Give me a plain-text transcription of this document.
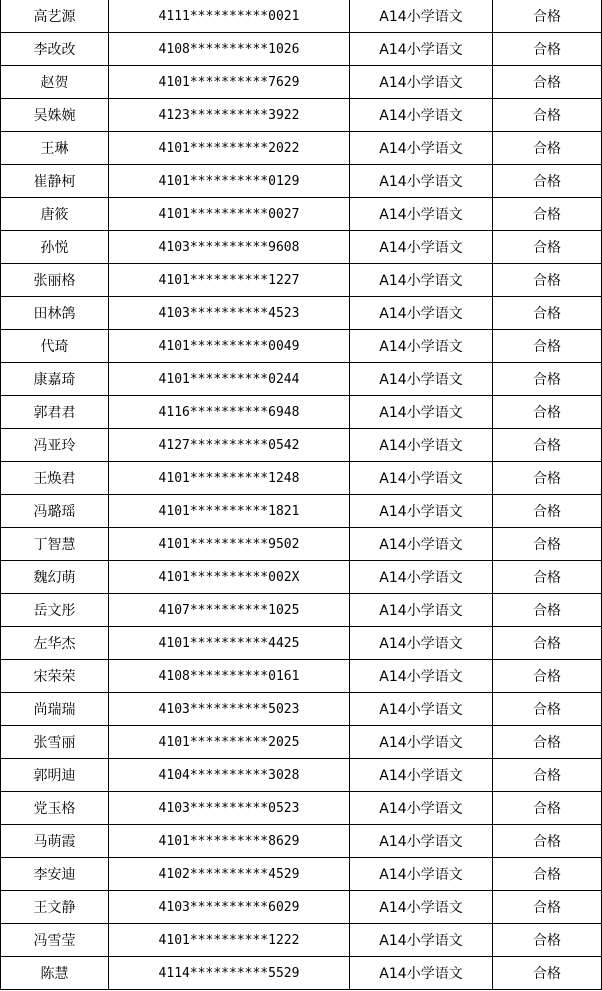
高艺源	4111**********0021	A14小学语文	合格
李改改	4108**********1026	A14小学语文	合格
赵贺	4101**********7629	A14小学语文	合格
吴姝婉	4123**********3922	A14小学语文	合格
王琳	4101**********2022	A14小学语文	合格
崔静柯	4101**********0129	A14小学语文	合格
唐筱	4101**********0027	A14小学语文	合格
孙悦	4103**********9608	A14小学语文	合格
张丽格	4101**********1227	A14小学语文	合格
田林鸽	4103**********4523	A14小学语文	合格
代琦	4101**********0049	A14小学语文	合格
康嘉琦	4101**********0244	A14小学语文	合格
郭君君	4116**********6948	A14小学语文	合格
冯亚玲	4127**********0542	A14小学语文	合格
王焕君	4101**********1248	A14小学语文	合格
冯璐瑶	4101**********1821	A14小学语文	合格
丁智慧	4101**********9502	A14小学语文	合格
魏幻萌	4101**********002X	A14小学语文	合格
岳文彤	4107**********1025	A14小学语文	合格
左华杰	4101**********4425	A14小学语文	合格
宋荣荣	4108**********0161	A14小学语文	合格
尚瑞瑞	4103**********5023	A14小学语文	合格
张雪丽	4101**********2025	A14小学语文	合格
郭明迪	4104**********3028	A14小学语文	合格
党玉格	4103**********0523	A14小学语文	合格
马萌霞	4101**********8629	A14小学语文	合格
李安迪	4102**********4529	A14小学语文	合格
王文静	4103**********6029	A14小学语文	合格
冯雪莹	4101**********1222	A14小学语文	合格
陈慧	4114**********5529	A14小学语文	合格
